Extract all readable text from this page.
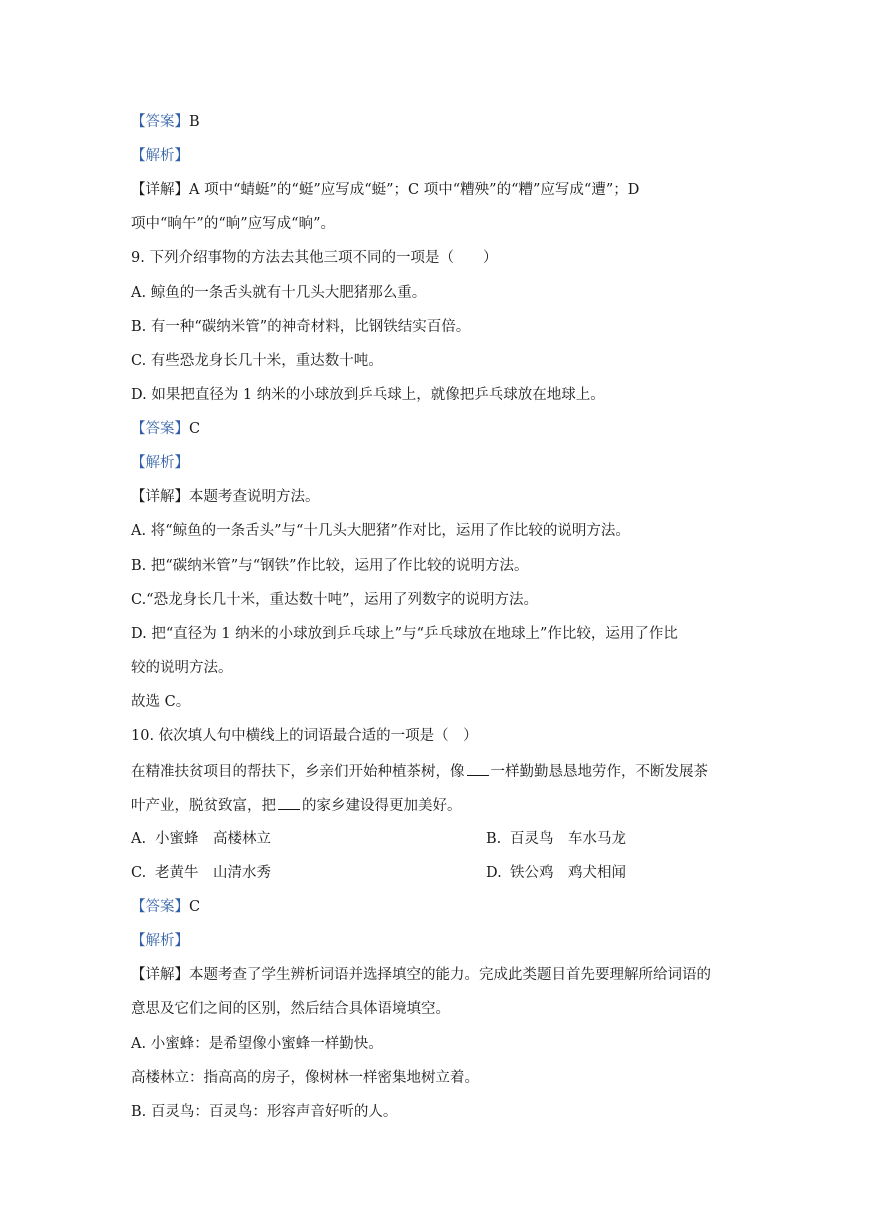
【答案】B
【解析】
【详解】A 项中“蜻蜓”的“蜓”应写成“蜓”；C 项中“糟殃”的“糟”应写成“遭”；D
项中“晌午”的“晌”应写成“晌”。
9. 下列介绍事物的方法去其他三项不同的一项是（　　）
A. 鲸鱼的一条舌头就有十几头大肥猪那么重。
B. 有一种“碳纳米管”的神奇材料，比钢铁结实百倍。
C. 有些恐龙身长几十米，重达数十吨。
D. 如果把直径为 1 纳米的小球放到乒乓球上，就像把乒乓球放在地球上。
【答案】C
【解析】
【详解】本题考查说明方法。
A. 将“鲸鱼的一条舌头”与“十几头大肥猪”作对比，运用了作比较的说明方法。
B. 把“碳纳米管”与“钢铁”作比较，运用了作比较的说明方法。
C.“恐龙身长几十米，重达数十吨”，运用了列数字的说明方法。
D. 把“直径为 1 纳米的小球放到乒乓球上”与“乒乓球放在地球上”作比较，运用了作比
较的说明方法。
故选 C。
10. 依次填人句中横线上的词语最合适的一项是（　）
在精准扶贫项目的帮扶下，乡亲们开始种植茶树，像 一样勤勤恳恳地劳作，不断发展茶
叶产业，脱贫致富，把 的家乡建设得更加美好。
A. 小蜜蜂　高楼林立	B. 百灵鸟　车水马龙
C. 老黄牛　山清水秀	D. 铁公鸡　鸡犬相闻
【答案】C
【解析】
【详解】本题考查了学生辨析词语并选择填空的能力。完成此类题目首先要理解所给词语的
意思及它们之间的区别，然后结合具体语境填空。
A. 小蜜蜂：是希望像小蜜蜂一样勤快。
高楼林立：指高高的房子，像树林一样密集地树立着。
B. 百灵鸟：百灵鸟：形容声音好听的人。
